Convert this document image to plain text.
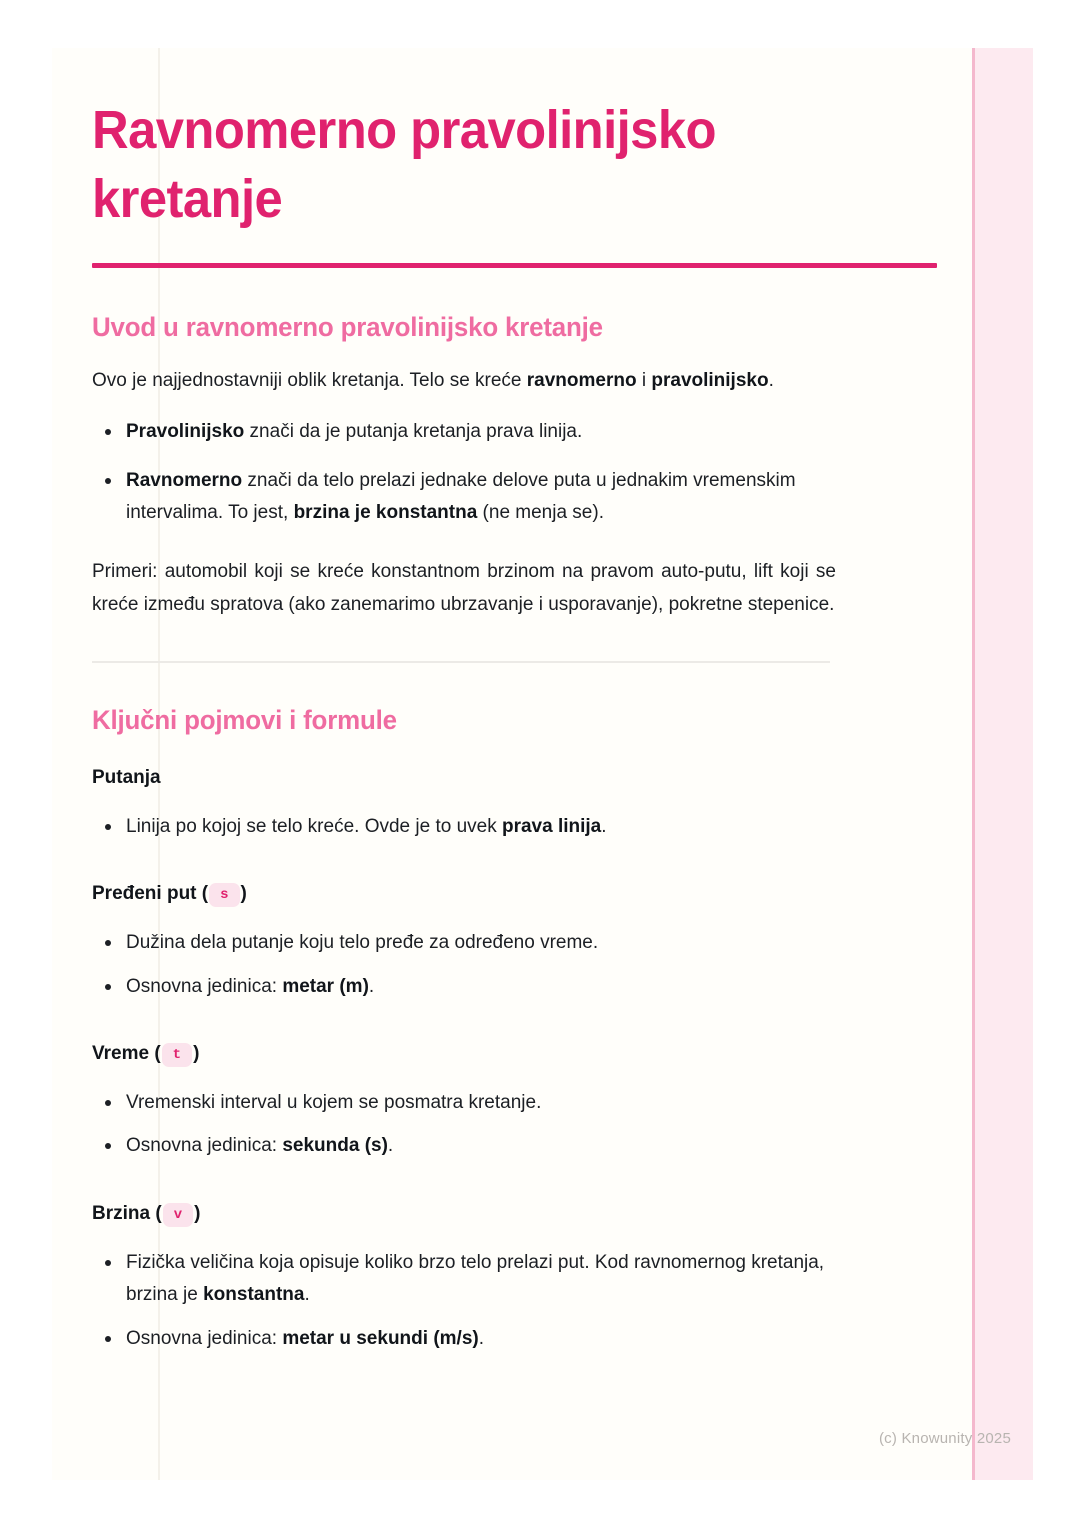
Ravnomerno pravolinijsko kretanje
Uvod u ravnomerno pravolinijsko kretanje

Ovo je najjednostavniji oblik kretanja. Telo se kreće ravnomerno i pravolinijsko.

Pravolinijsko znači da je putanja kretanja prava linija.
Ravnomerno znači da telo prelazi jednake delove puta u jednakim vremenskim intervalima. To jest, brzina je konstantna (ne menja se).

Primeri: automobil koji se kreće konstantnom brzinom na pravom auto-putu, lift koji se kreće između spratova (ako zanemarimo ubrzavanje i usporavanje), pokretne stepenice.

Ključni pojmovi i formule
Putanja
Linija po kojoj se telo kreće. Ovde je to uvek prava linija.
Pređeni put ( s )
Dužina dela putanje koju telo pređe za određeno vreme.
Osnovna jedinica: metar (m).
Vreme ( t )
Vremenski interval u kojem se posmatra kretanje.
Osnovna jedinica: sekunda (s).
Brzina ( v )
Fizička veličina koja opisuje koliko brzo telo prelazi put. Kod ravnomernog kretanja, brzina je konstantna.
Osnovna jedinica: metar u sekundi (m/s).
(c) Knowunity 2025
